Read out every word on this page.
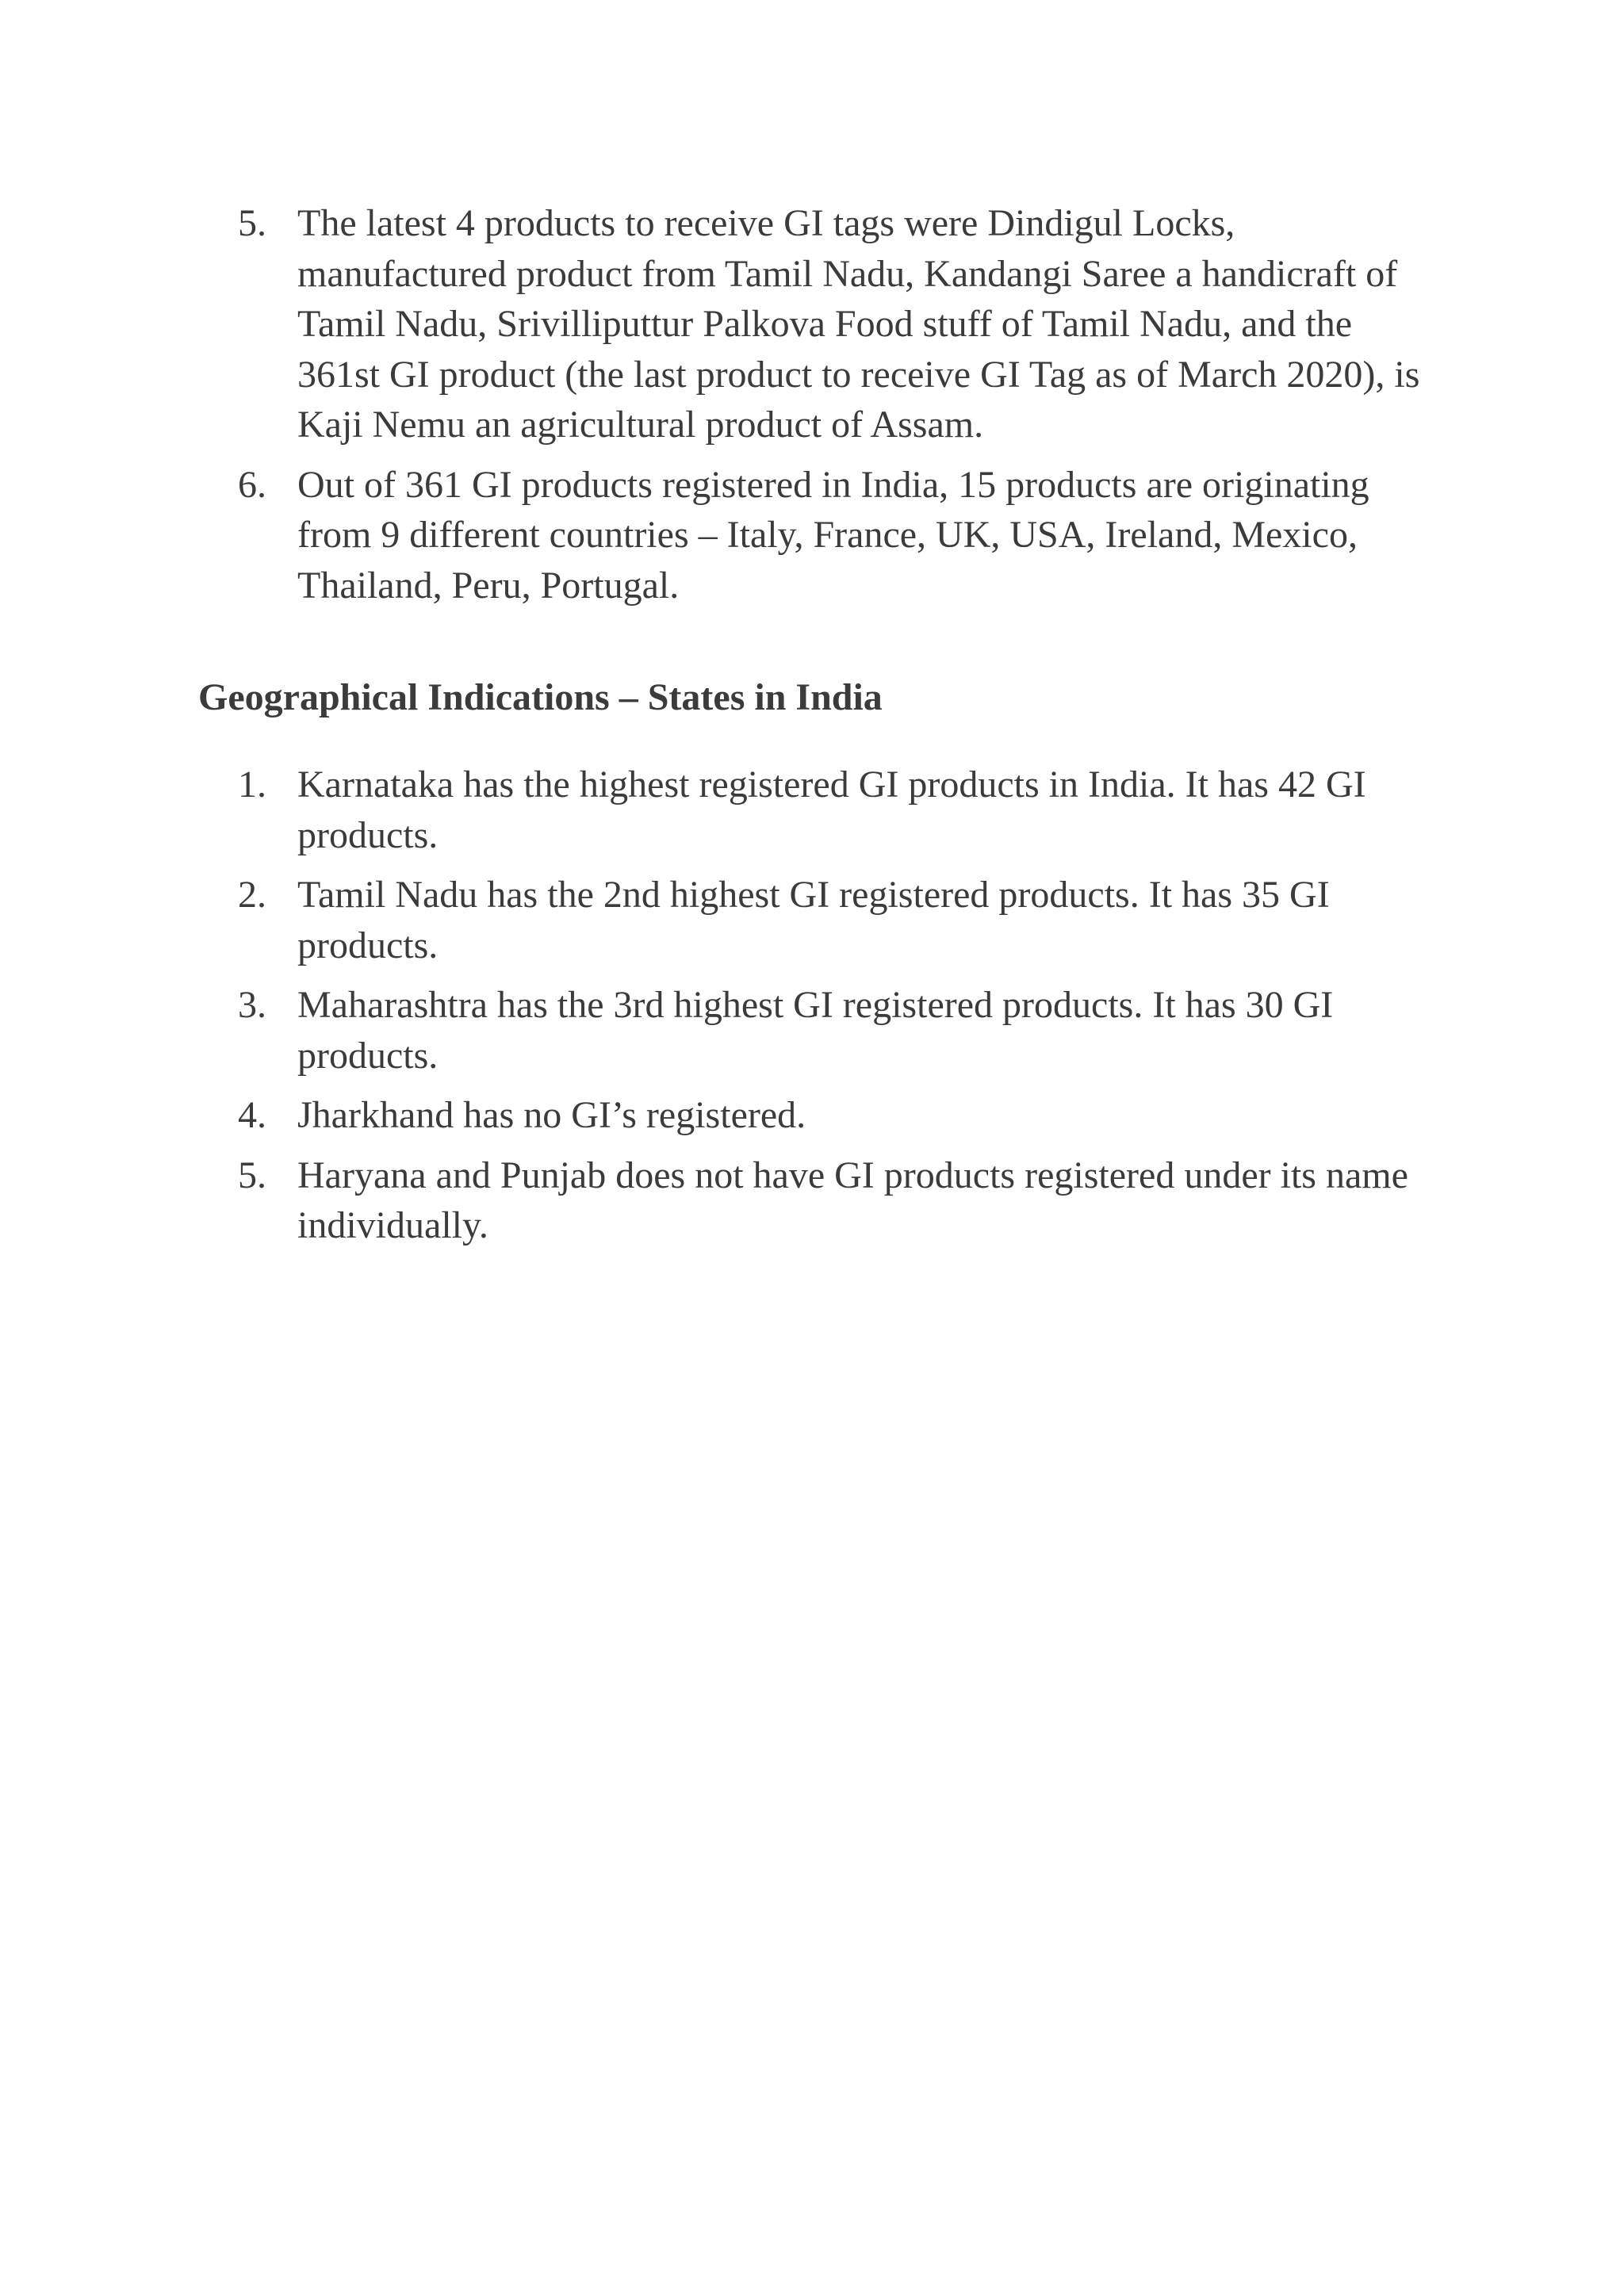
5. The latest 4 products to receive GI tags were Dindigul Locks, manufactured product from Tamil Nadu, Kandangi Saree a handicraft of Tamil Nadu, Srivilliputtur Palkova Food stuff of Tamil Nadu, and the 361st GI product (the last product to receive GI Tag as of March 2020), is Kaji Nemu an agricultural product of Assam.
6. Out of 361 GI products registered in India, 15 products are originating from 9 different countries – Italy, France, UK, USA, Ireland, Mexico, Thailand, Peru, Portugal.
Geographical Indications – States in India
1. Karnataka has the highest registered GI products in India. It has 42 GI products.
2. Tamil Nadu has the 2nd highest GI registered products. It has 35 GI products.
3. Maharashtra has the 3rd highest GI registered products. It has 30 GI products.
4. Jharkhand has no GI’s registered.
5. Haryana and Punjab does not have GI products registered under its name individually.
